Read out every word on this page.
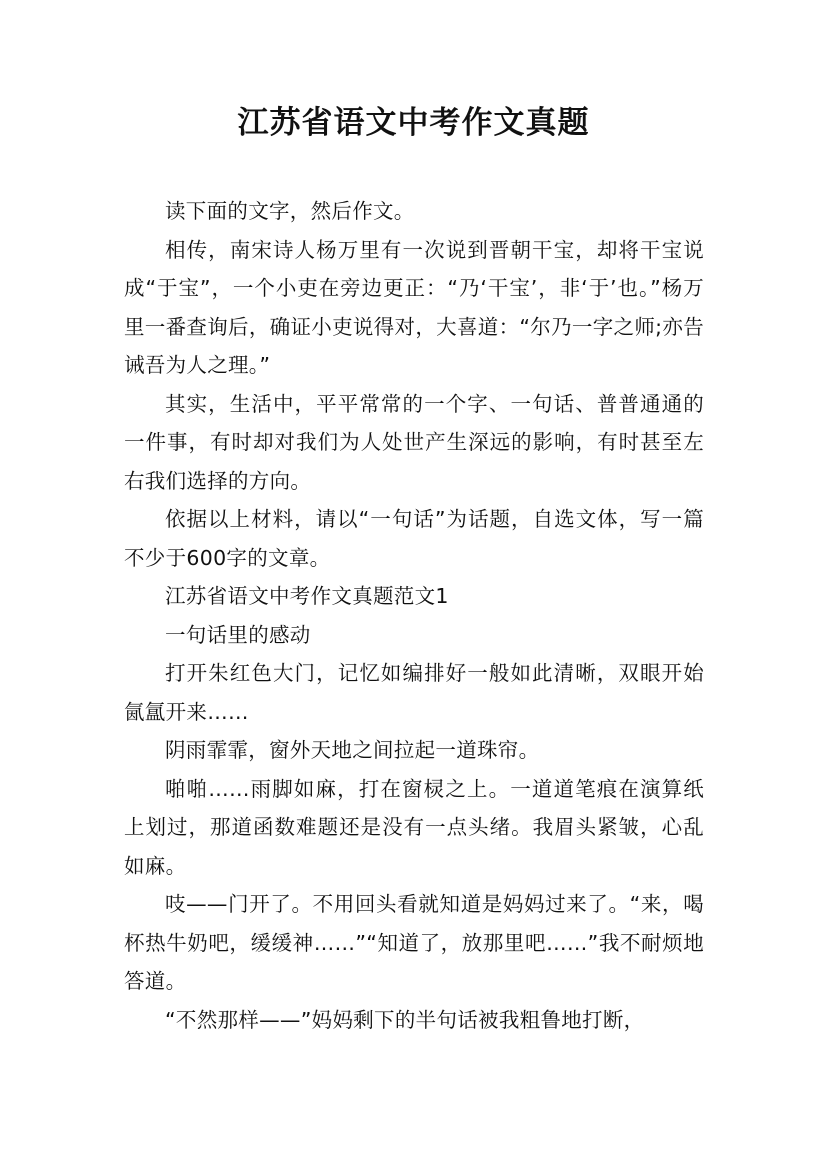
江苏省语文中考作文真题

读下面的文字，然后作文。

相传，南宋诗人杨万里有一次说到晋朝干宝，却将干宝说成“于宝”，一个小吏在旁边更正：“乃‘干宝’，非‘于’也。”杨万里一番查询后，确证小吏说得对，大喜道：“尔乃一字之师;亦告诫吾为人之理。”

其实，生活中，平平常常的一个字、一句话、普普通通的一件事，有时却对我们为人处世产生深远的影响，有时甚至左右我们选择的方向。

依据以上材料，请以“一句话”为话题，自选文体，写一篇不少于600字的文章。

江苏省语文中考作文真题范文1

一句话里的感动

打开朱红色大门，记忆如编排好一般如此清晰，双眼开始氤氲开来……

阴雨霏霏，窗外天地之间拉起一道珠帘。

啪啪……雨脚如麻，打在窗棂之上。一道道笔痕在演算纸上划过，那道函数难题还是没有一点头绪。我眉头紧皱，心乱如麻。

吱——门开了。不用回头看就知道是妈妈过来了。“来，喝杯热牛奶吧，缓缓神……”“知道了，放那里吧……”我不耐烦地答道。

“不然那样——”妈妈剩下的半句话被我粗鲁地打断，
